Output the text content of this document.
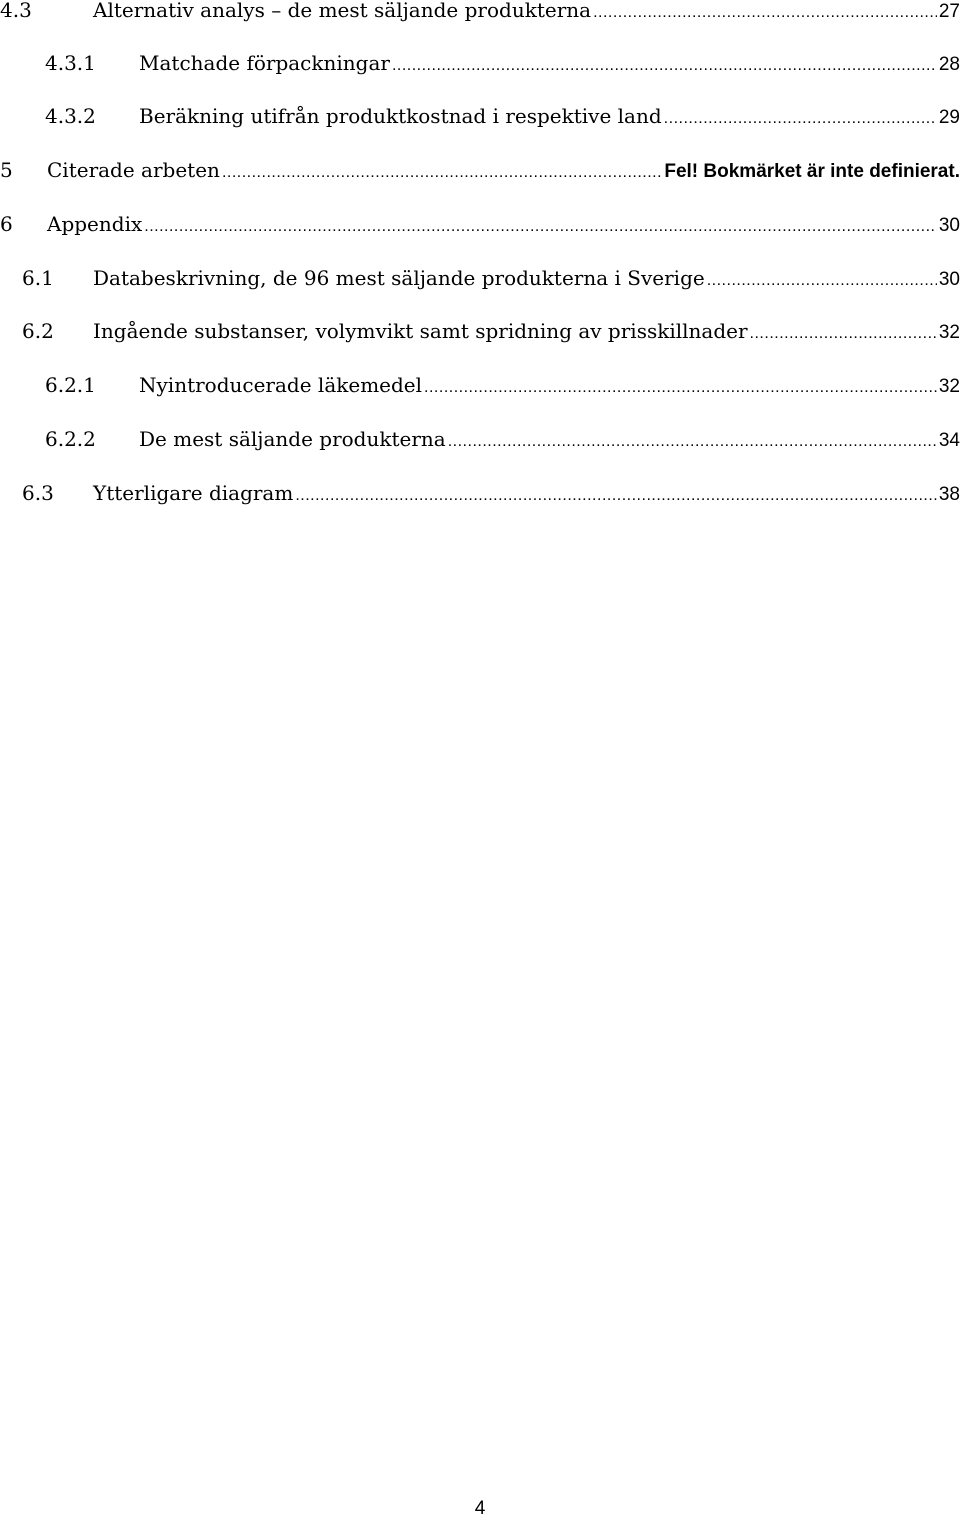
4.3	Alternativ analys – de mest säljande produkterna .....	27
4.3.1	Matchade förpackningar .....	28
4.3.2	Beräkning utifrån produktkostnad i respektive land .....	29
5	Citerade arbeten .....	Fel! Bokmärket är inte definierat.
6	Appendix .....	30
6.1	Databeskrivning, de 96 mest säljande produkterna i Sverige .....	30
6.2	Ingående substanser, volymvikt samt spridning av prisskillnader .....	32
6.2.1	Nyintroducerade läkemedel .....	32
6.2.2	De mest säljande produkterna .....	34
6.3	Ytterligare diagram .....	38
4
